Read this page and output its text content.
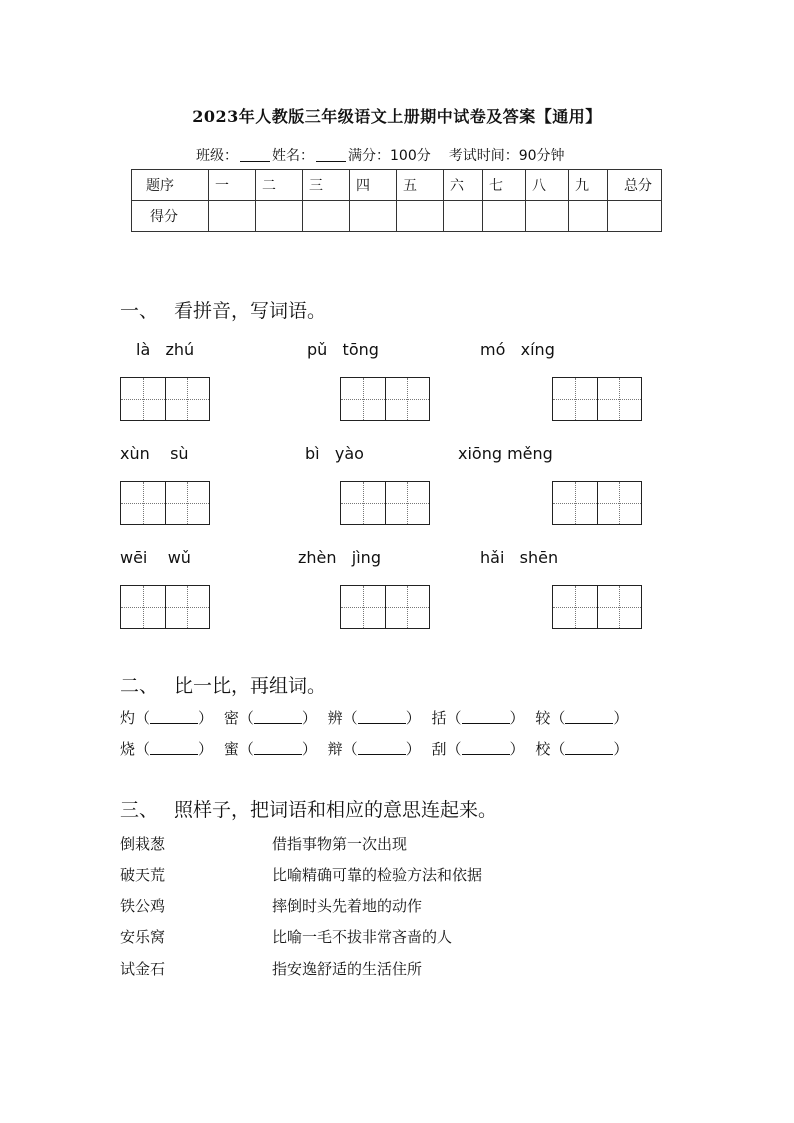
2023年人教版三年级语文上册期中试卷及答案【通用】
班级： 姓名： 满分：100分 考试时间：90分钟
题序	一	二	三	四	五	六	七	八	九	总分
得分										
一、 看拼音，写词语。
là   zhú	pǔ   tōng	mó   xíng
xùn    sù	bì   yào	xiōng měng
wēi    wǔ	zhèn   jìng	hǎi   shēn
二、 比一比，再组词。
灼（	） 密（	） 辨（	） 括（	） 较（	）
烧（	） 蜜（	） 辩（	） 刮（	） 校（	）
三、 照样子，把词语和相应的意思连起来。
倒栽葱	借指事物第一次出现
破天荒	比喻精确可靠的检验方法和依据
铁公鸡	摔倒时头先着地的动作
安乐窝	比喻一毛不拔非常吝啬的人
试金石	指安逸舒适的生活住所
